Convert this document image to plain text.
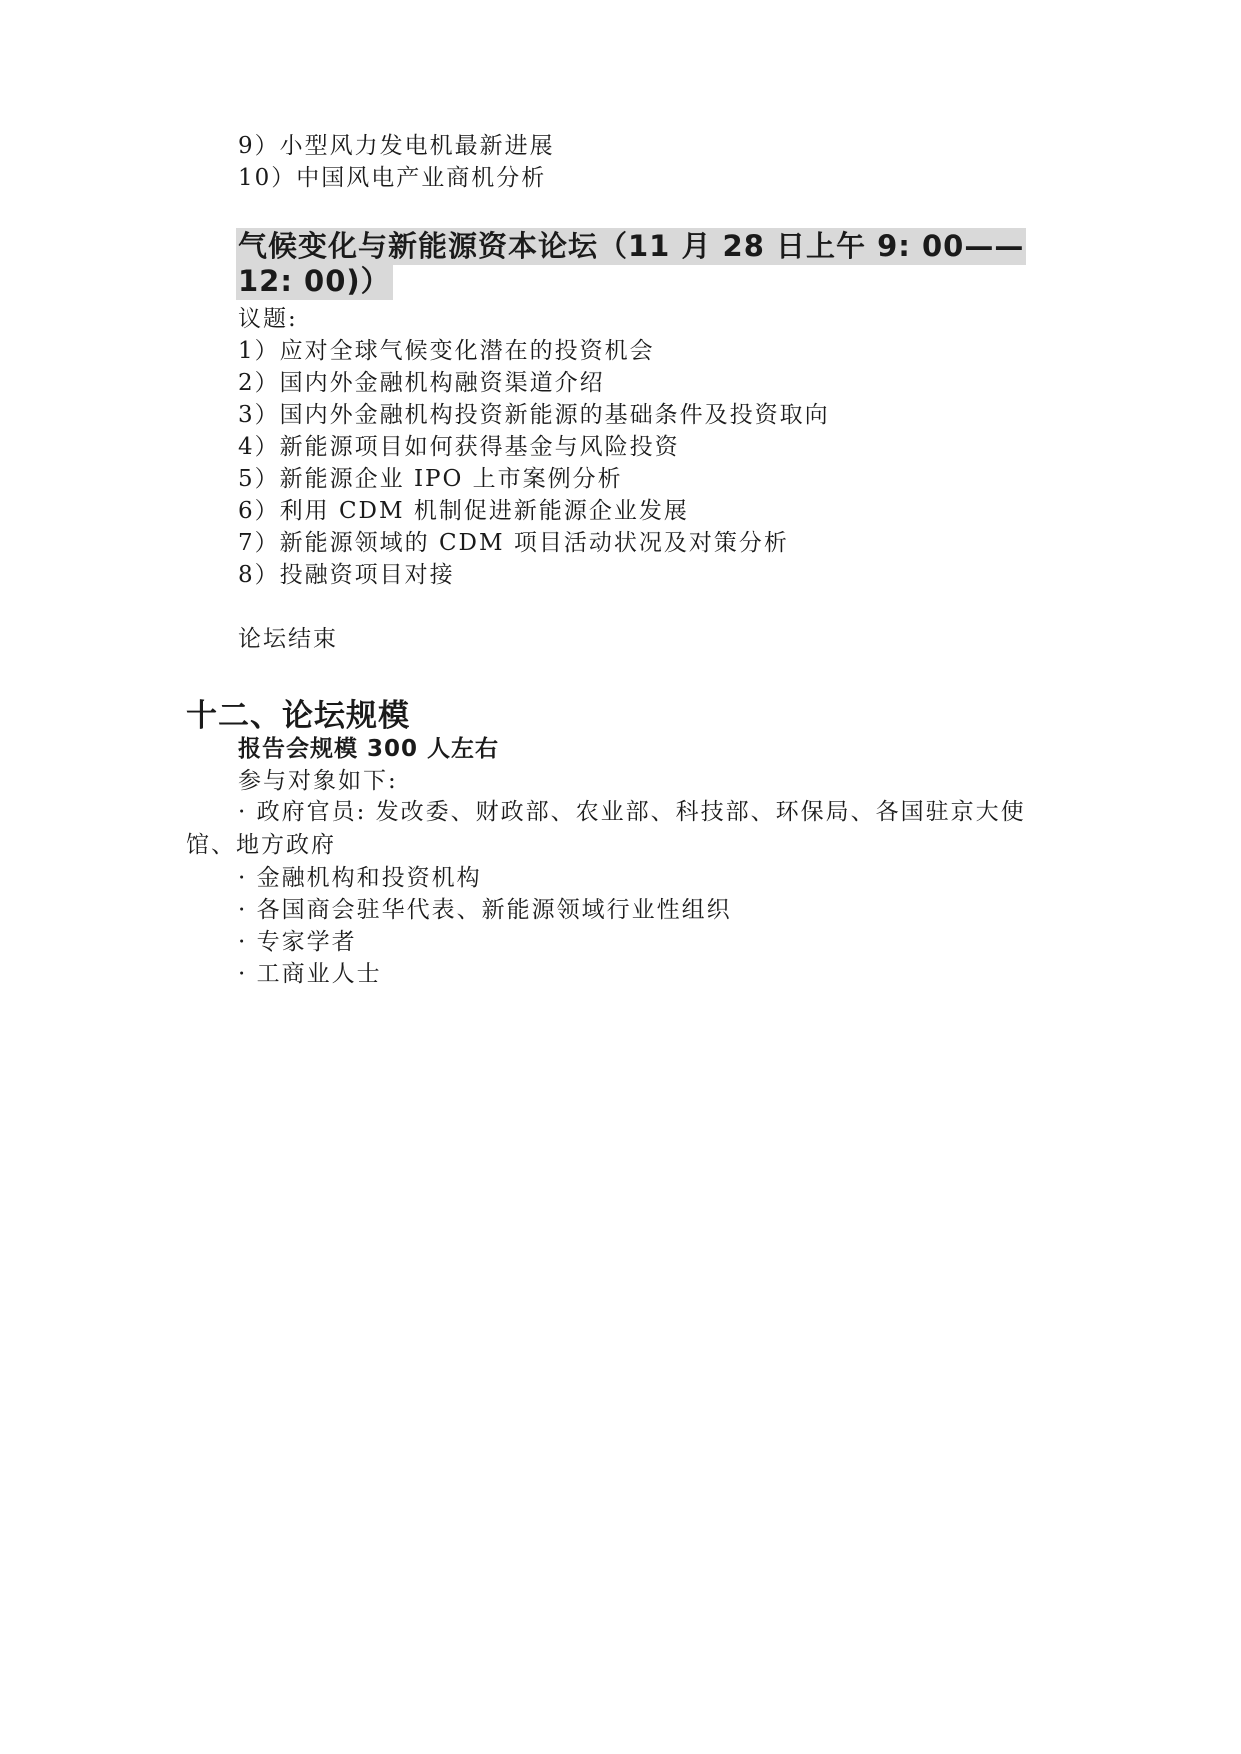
9）小型风力发电机最新进展
10）中国风电产业商机分析
气候变化与新能源资本论坛（11 月 28 日上午 9: 00——12: 00)）
议题:
1）应对全球气候变化潜在的投资机会
2）国内外金融机构融资渠道介绍
3）国内外金融机构投资新能源的基础条件及投资取向
4）新能源项目如何获得基金与风险投资
5）新能源企业 IPO 上市案例分析
6）利用 CDM 机制促进新能源企业发展
7）新能源领域的 CDM 项目活动状况及对策分析
8）投融资项目对接
论坛结束
十二、论坛规模
报告会规模 300 人左右
参与对象如下:
· 政府官员: 发改委、财政部、农业部、科技部、环保局、各国驻京大使馆、地方政府
· 金融机构和投资机构
· 各国商会驻华代表、新能源领域行业性组织
· 专家学者
· 工商业人士
